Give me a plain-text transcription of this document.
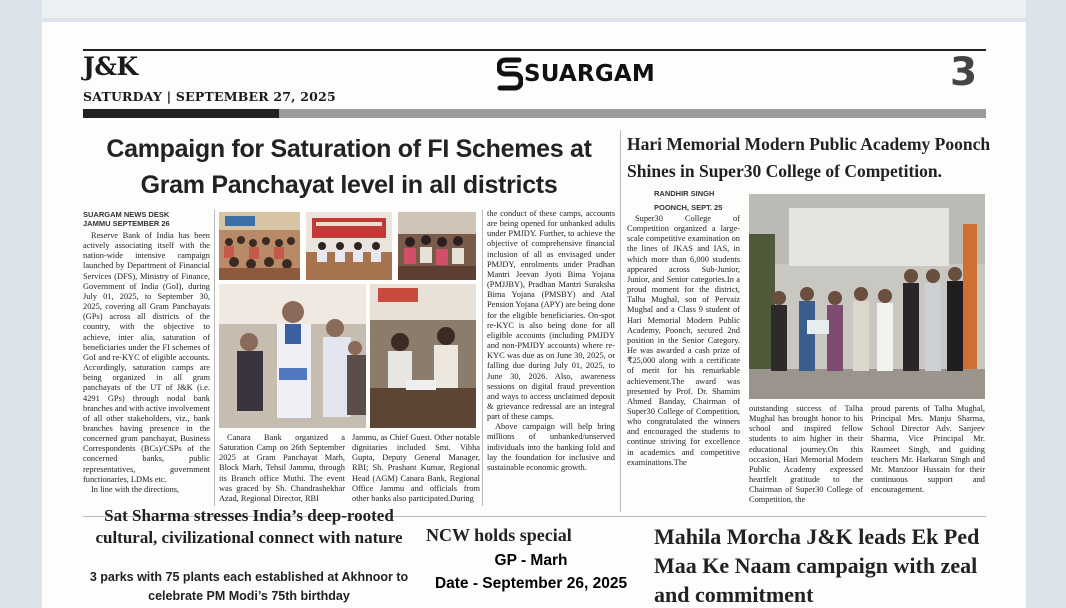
J&K
SATURDAY | SEPTEMBER 27, 2025
SUARGAM	3
Campaign for Saturation of FI Schemes at Gram Panchayat level in all districts
SUARGAM NEWS DESK
JAMMU SEPTEMBER 26

Reserve Bank of India has been actively associating itself with the nation-wide intensive campaign launched by Department of Financial Services (DFS), Ministry of Finance, Government of India (GoI), during July 01, 2025, to September 30, 2025, covering all Gram Panchayats (GPs) across all districts of the country, with the objective to achieve, inter alia, saturation of beneficiaries under the FI schemes of GoI and re-KYC of eligible accounts. Accordingly, saturation camps are being organized in all gram panchayats of the UT of J&K (i.e. 4291 GPs) through nodal bank branches and with active involvement of all other stakeholders, viz., bank branches having presence in the concerned gram panchayat, Business Correspondents (BCs)/CSPs of the concerned banks, public representatives, government functionaries, LDMs etc.

In line with the directions,

Canara Bank organized a Saturation Camp on 26th September 2025 at Gram Panchayat Marh, Block Marh, Tehsil Jammu, through its Branch office Muthi. The event was graced by Sh. Chandrashekhar Azad, Regional Director, RBI

Jammu, as Chief Guest. Other notable dignitaries included Smt. Vibha Gupta, Deputy General Manager, RBI; Sh. Prashant Kumar, Regional Head (AGM) Canara Bank, Regional Office Jammu and officials from other banks also participated.During

the conduct of these camps, accounts are being opened for unbanked adults under PMJDY. Further, to achieve the objective of comprehensive financial inclusion of all as envisaged under PMJDY, enrolments under Pradhan Mantri Jeevan Jyoti Bima Yojana (PMJJBY), Pradhan Mantri Suraksha Bima Yojana (PMSBY) and Atal Pension Yojana (APY) are being done for the eligible beneficiaries. On-spot re-KYC is also being done for all eligible accounts (including PMJDY and non-PMJDY accounts) where re-KYC was due as on June 30, 2025, or falling due during July 01, 2025, to June 30, 2026. Also, awareness sessions on digital fraud prevention and ways to access unclaimed deposit & grievance redressal are an integral part of these camps.

Above campaign will help bring millions of unbanked/unserved individuals into the banking fold and lay the foundation for inclusive and sustainable economic growth.

Hari Memorial Modern Public Academy Poonch Shines in Super30 College of Competition.
RANDHIR SINGH
POONCH, SEPT. 25

Super30 College of Competition organized a large-scale competitive examination on the lines of JKAS and IAS, in which more than 6,000 students appeared across Sub-Junior, Junior, and Senior categories.In a proud moment for the district, Talha Mughal, son of Pervaiz Mughal and a Class 9 student of Hari Memorial Modern Public Academy, Poonch, secured 2nd position in the Senior Category. He was awarded a cash prize of ₹25,000 along with a certificate of merit for his remarkable achievement.The award was presented by Prof. Dr. Shamim Ahmed Banday, Chairman of Super30 College of Competition, who congratulated the winners and encouraged the students to continue striving for excellence in academics and competitive examinations.The

outstanding success of Talha Mughal has brought honor to his school and inspired fellow students to aim higher in their educational journey.On this occasion, Hari Memorial Modern Public Academy expressed heartfelt gratitude to the Chairman of Super30 College of Competition, the

proud parents of Talha Mughal, Principal Mrs. Manju Sharma, School Director Adv. Sanjeev Sharma, Vice Principal Mr. Rasmeet Singh, and guiding teachers Mr. Harkaran Singh and Mr. Manzoor Hussain for their continuous support and encouragement.

Sat Sharma stresses India’s deep-rooted cultural, civilizational connect with nature
3 parks with 75 plants each established at Akhnoor to celebrate PM Modi’s 75th birthday
NCW holds special	Mahila Morcha J&K leads Ek Ped Maa Ke Naam campaign with zeal and commitment
GP - Marh
Date - September 26, 2025
